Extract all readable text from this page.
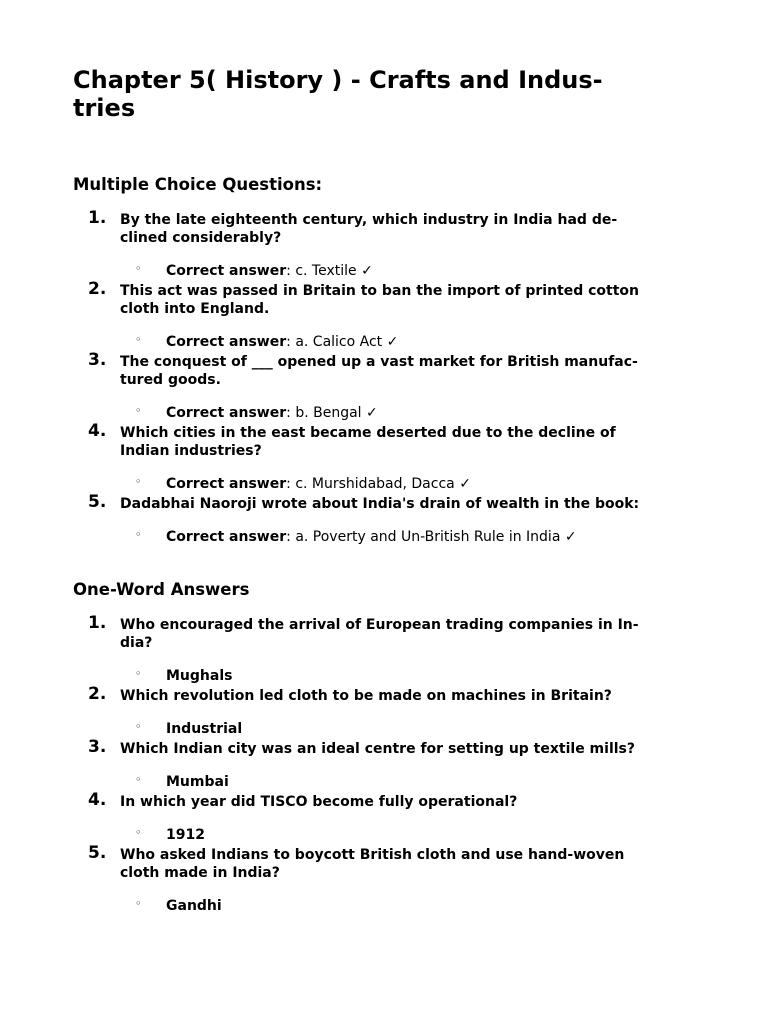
Chapter 5( History ) - Crafts and Indus-
tries
Multiple Choice Questions:
1. By the late eighteenth century, which industry in India had de-
clined considerably?

◦ Correct answer: c. Textile ✓
2. This act was passed in Britain to ban the import of printed cotton
cloth into England.

◦ Correct answer: a. Calico Act ✓
3. The conquest of ___ opened up a vast market for British manufac-
tured goods.

◦ Correct answer: b. Bengal ✓
4. Which cities in the east became deserted due to the decline of
Indian industries?

◦ Correct answer: c. Murshidabad, Dacca ✓
5. Dadabhai Naoroji wrote about India's drain of wealth in the book:

◦ Correct answer: a. Poverty and Un-British Rule in India ✓
One-Word Answers
1. Who encouraged the arrival of European trading companies in In-
dia?

◦ Mughals
2. Which revolution led cloth to be made on machines in Britain?

◦ Industrial
3. Which Indian city was an ideal centre for setting up textile mills?

◦ Mumbai
4. In which year did TISCO become fully operational?

◦ 1912
5. Who asked Indians to boycott British cloth and use hand-woven
cloth made in India?

◦ Gandhi
